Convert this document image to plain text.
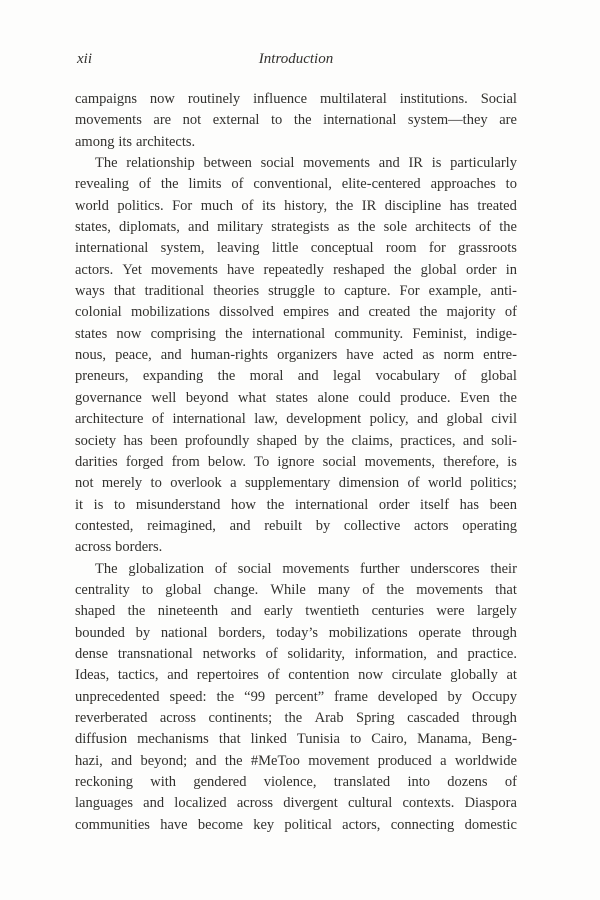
xii	Introduction
campaigns now routinely influence multilateral institutions. Social
movements are not external to the international system—they are
among its architects.
The relationship between social movements and IR is particularly
revealing of the limits of conventional, elite-centered approaches to
world politics. For much of its history, the IR discipline has treated
states, diplomats, and military strategists as the sole architects of the
international system, leaving little conceptual room for grassroots
actors. Yet movements have repeatedly reshaped the global order in
ways that traditional theories struggle to capture. For example, anti-
colonial mobilizations dissolved empires and created the majority of
states now comprising the international community. Feminist, indige-
nous, peace, and human-rights organizers have acted as norm entre-
preneurs, expanding the moral and legal vocabulary of global
governance well beyond what states alone could produce. Even the
architecture of international law, development policy, and global civil
society has been profoundly shaped by the claims, practices, and soli-
darities forged from below. To ignore social movements, therefore, is
not merely to overlook a supplementary dimension of world politics;
it is to misunderstand how the international order itself has been
contested, reimagined, and rebuilt by collective actors operating
across borders.
The globalization of social movements further underscores their
centrality to global change. While many of the movements that
shaped the nineteenth and early twentieth centuries were largely
bounded by national borders, today’s mobilizations operate through
dense transnational networks of solidarity, information, and practice.
Ideas, tactics, and repertoires of contention now circulate globally at
unprecedented speed: the “99 percent” frame developed by Occupy
reverberated across continents; the Arab Spring cascaded through
diffusion mechanisms that linked Tunisia to Cairo, Manama, Beng-
hazi, and beyond; and the #MeToo movement produced a worldwide
reckoning with gendered violence, translated into dozens of
languages and localized across divergent cultural contexts. Diaspora
communities have become key political actors, connecting domestic
